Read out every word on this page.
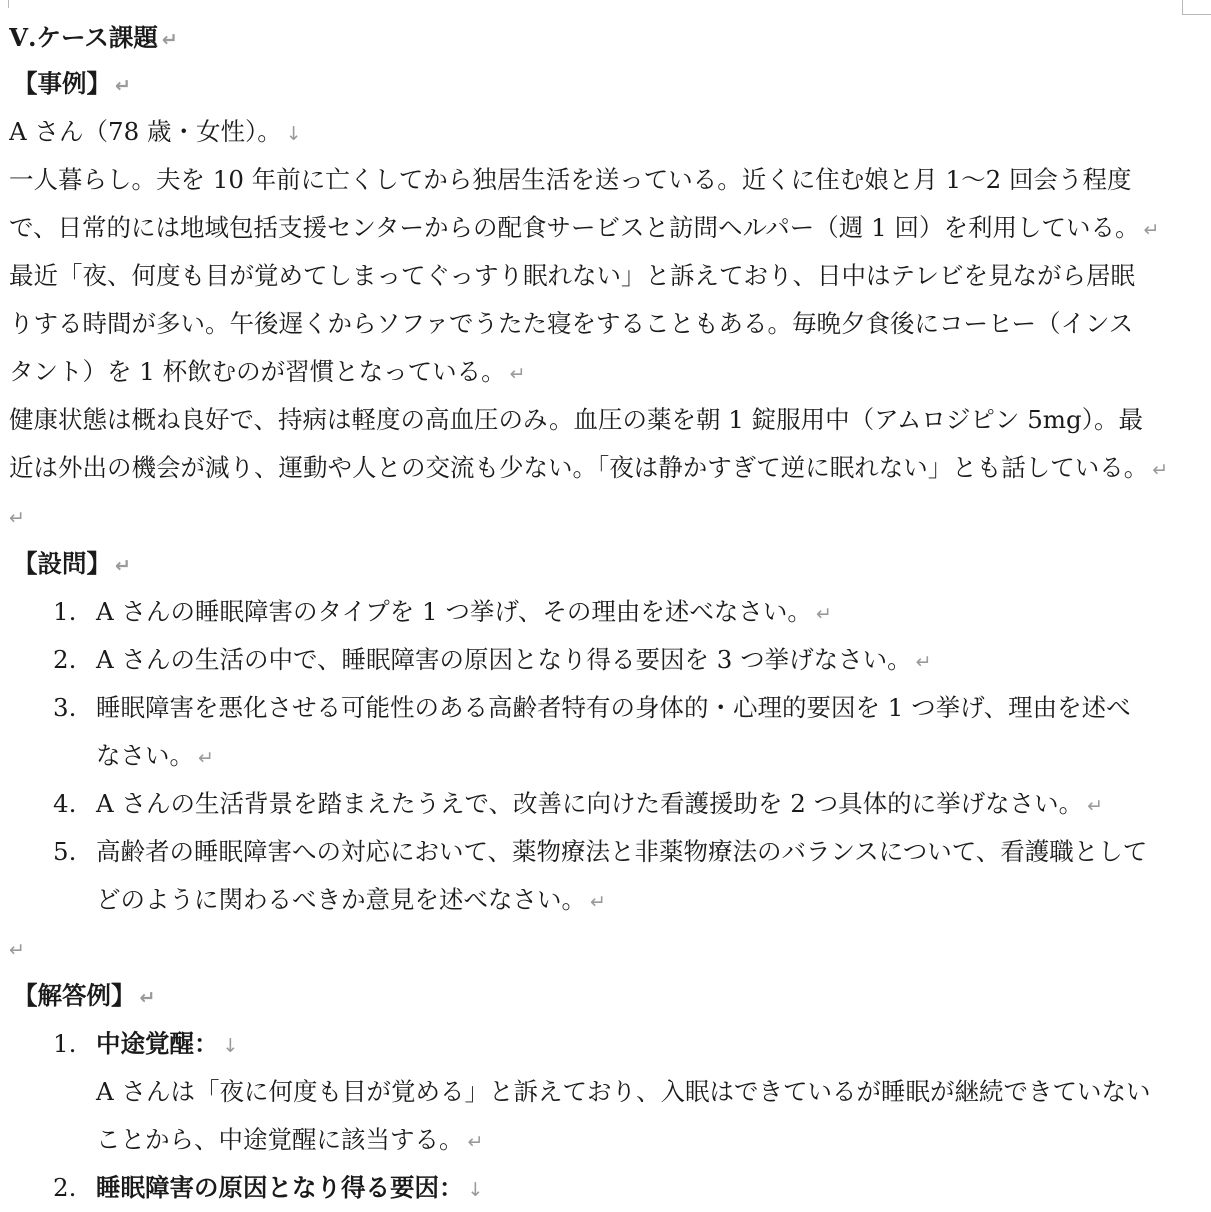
Ⅴ.ケース課題 ↵
【事例】 ↵
A さん（78 歳・女性）。 ↓
一人暮らし。夫を 10 年前に亡くしてから独居生活を送っている。近くに住む娘と月 1〜2 回会う程度
で、日常的には地域包括支援センターからの配食サービスと訪問ヘルパー（週 1 回）を利用している。 ↵
最近「夜、何度も目が覚めてしまってぐっすり眠れない」と訴えており、日中はテレビを見ながら居眠
りする時間が多い。午後遅くからソファでうたた寝をすることもある。毎晩夕食後にコーヒー（インス
タント）を 1 杯飲むのが習慣となっている。 ↵
健康状態は概ね良好で、持病は軽度の高血圧のみ。血圧の薬を朝 1 錠服用中（アムロジピン 5mg）。最
近は外出の機会が減り、運動や人との交流も少ない。「夜は静かすぎて逆に眠れない」とも話している。 ↵
↵
【設問】 ↵
1. A さんの睡眠障害のタイプを 1 つ挙げ、その理由を述べなさい。 ↵
2. A さんの生活の中で、睡眠障害の原因となり得る要因を 3 つ挙げなさい。 ↵
3. 睡眠障害を悪化させる可能性のある高齢者特有の身体的・心理的要因を 1 つ挙げ、理由を述べ
なさい。 ↵
4. A さんの生活背景を踏まえたうえで、改善に向けた看護援助を 2 つ具体的に挙げなさい。 ↵
5. 高齢者の睡眠障害への対応において、薬物療法と非薬物療法のバランスについて、看護職として
どのように関わるべきか意見を述べなさい。 ↵
↵
【解答例】 ↵
1. 中途覚醒： ↓
A さんは「夜に何度も目が覚める」と訴えており、入眠はできているが睡眠が継続できていない
ことから、中途覚醒に該当する。 ↵
2. 睡眠障害の原因となり得る要因： ↓
